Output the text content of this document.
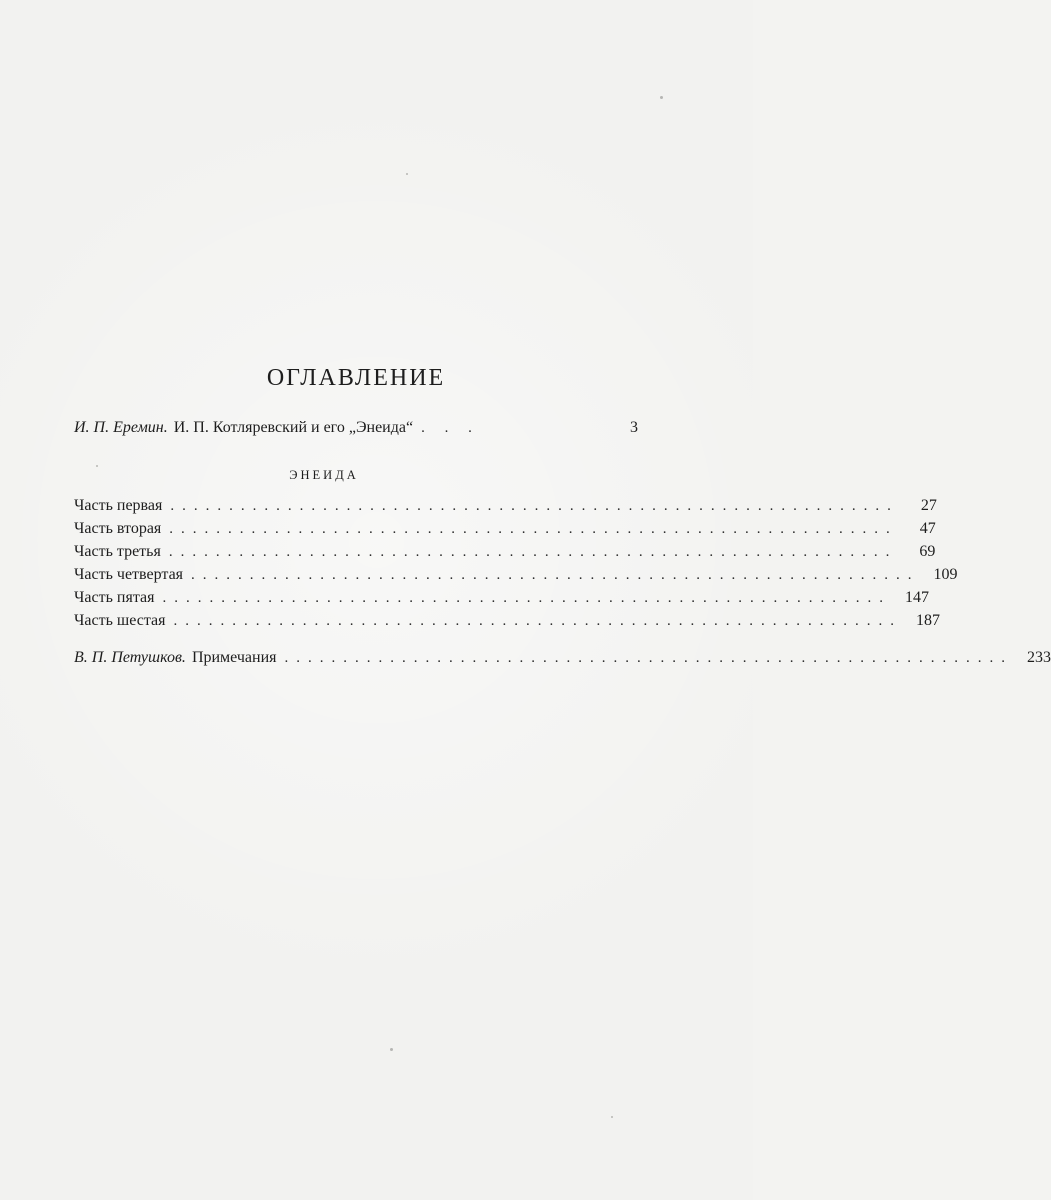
ОГЛАВЛЕНИЕ
И. П. Еремин. И. П. Котляревский и его „Энеида“ . . .	3
ЭНЕИДА
Часть первая ..............................................................	27
Часть вторая ..............................................................	47
Часть третья ..............................................................	69
Часть четвертая .............................................................. 109
Часть пятая .............................................................. 147
Часть шестая .............................................................. 187
В. П. Петушков. Примечания .............................................................. 233
